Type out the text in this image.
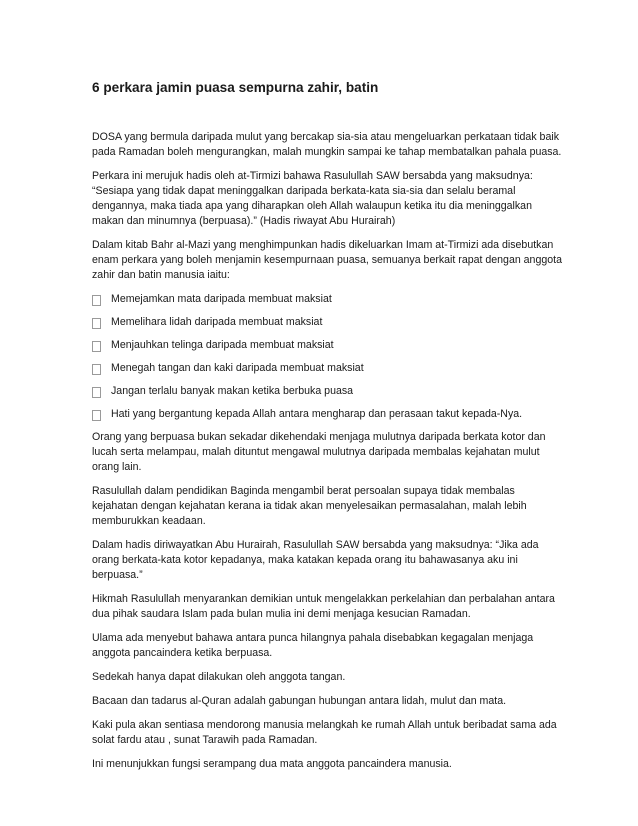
6 perkara jamin puasa sempurna zahir, batin

DOSA yang bermula daripada mulut yang bercakap sia-sia atau mengeluarkan perkataan tidak baik pada Ramadan boleh mengurangkan, malah mungkin sampai ke tahap membatalkan pahala puasa.

Perkara ini merujuk hadis oleh at-Tirmizi bahawa Rasulullah SAW bersabda yang maksudnya: “Sesiapa yang tidak dapat meninggalkan daripada berkata-kata sia-sia dan selalu beramal dengannya, maka tiada apa yang diharapkan oleh Allah walaupun ketika itu dia meninggalkan makan dan minumnya (berpuasa).” (Hadis riwayat Abu Hurairah)

Dalam kitab Bahr al-Mazi yang menghimpunkan hadis dikeluarkan Imam at-Tirmizi ada disebutkan enam perkara yang boleh menjamin kesempurnaan puasa, semuanya berkait rapat dengan anggota zahir dan batin manusia iaitu:

Memejamkan mata daripada membuat maksiat
Memelihara lidah daripada membuat maksiat
Menjauhkan telinga daripada membuat maksiat
Menegah tangan dan kaki daripada membuat maksiat
Jangan terlalu banyak makan ketika berbuka puasa
Hati yang bergantung kepada Allah antara mengharap dan perasaan takut kepada-Nya.

Orang yang berpuasa bukan sekadar dikehendaki menjaga mulutnya daripada berkata kotor dan lucah serta melampau, malah dituntut mengawal mulutnya daripada membalas kejahatan mulut orang lain.

Rasulullah dalam pendidikan Baginda mengambil berat persoalan supaya tidak membalas kejahatan dengan kejahatan kerana ia tidak akan menyelesaikan permasalahan, malah lebih memburukkan keadaan.

Dalam hadis diriwayatkan Abu Hurairah, Rasulullah SAW bersabda yang maksudnya: “Jika ada orang berkata-kata kotor kepadanya, maka katakan kepada orang itu bahawasanya aku ini berpuasa.”

Hikmah Rasulullah menyarankan demikian untuk mengelakkan perkelahian dan perbalahan antara dua pihak saudara Islam pada bulan mulia ini demi menjaga kesucian Ramadan.

Ulama ada menyebut bahawa antara punca hilangnya pahala disebabkan kegagalan menjaga anggota pancaindera ketika berpuasa.

Sedekah hanya dapat dilakukan oleh anggota tangan.

Bacaan dan tadarus al-Quran adalah gabungan hubungan antara lidah, mulut dan mata.

Kaki pula akan sentiasa mendorong manusia melangkah ke rumah Allah untuk beribadat sama ada solat fardu atau , sunat Tarawih pada Ramadan.

Ini menunjukkan fungsi serampang dua mata anggota pancaindera manusia.
